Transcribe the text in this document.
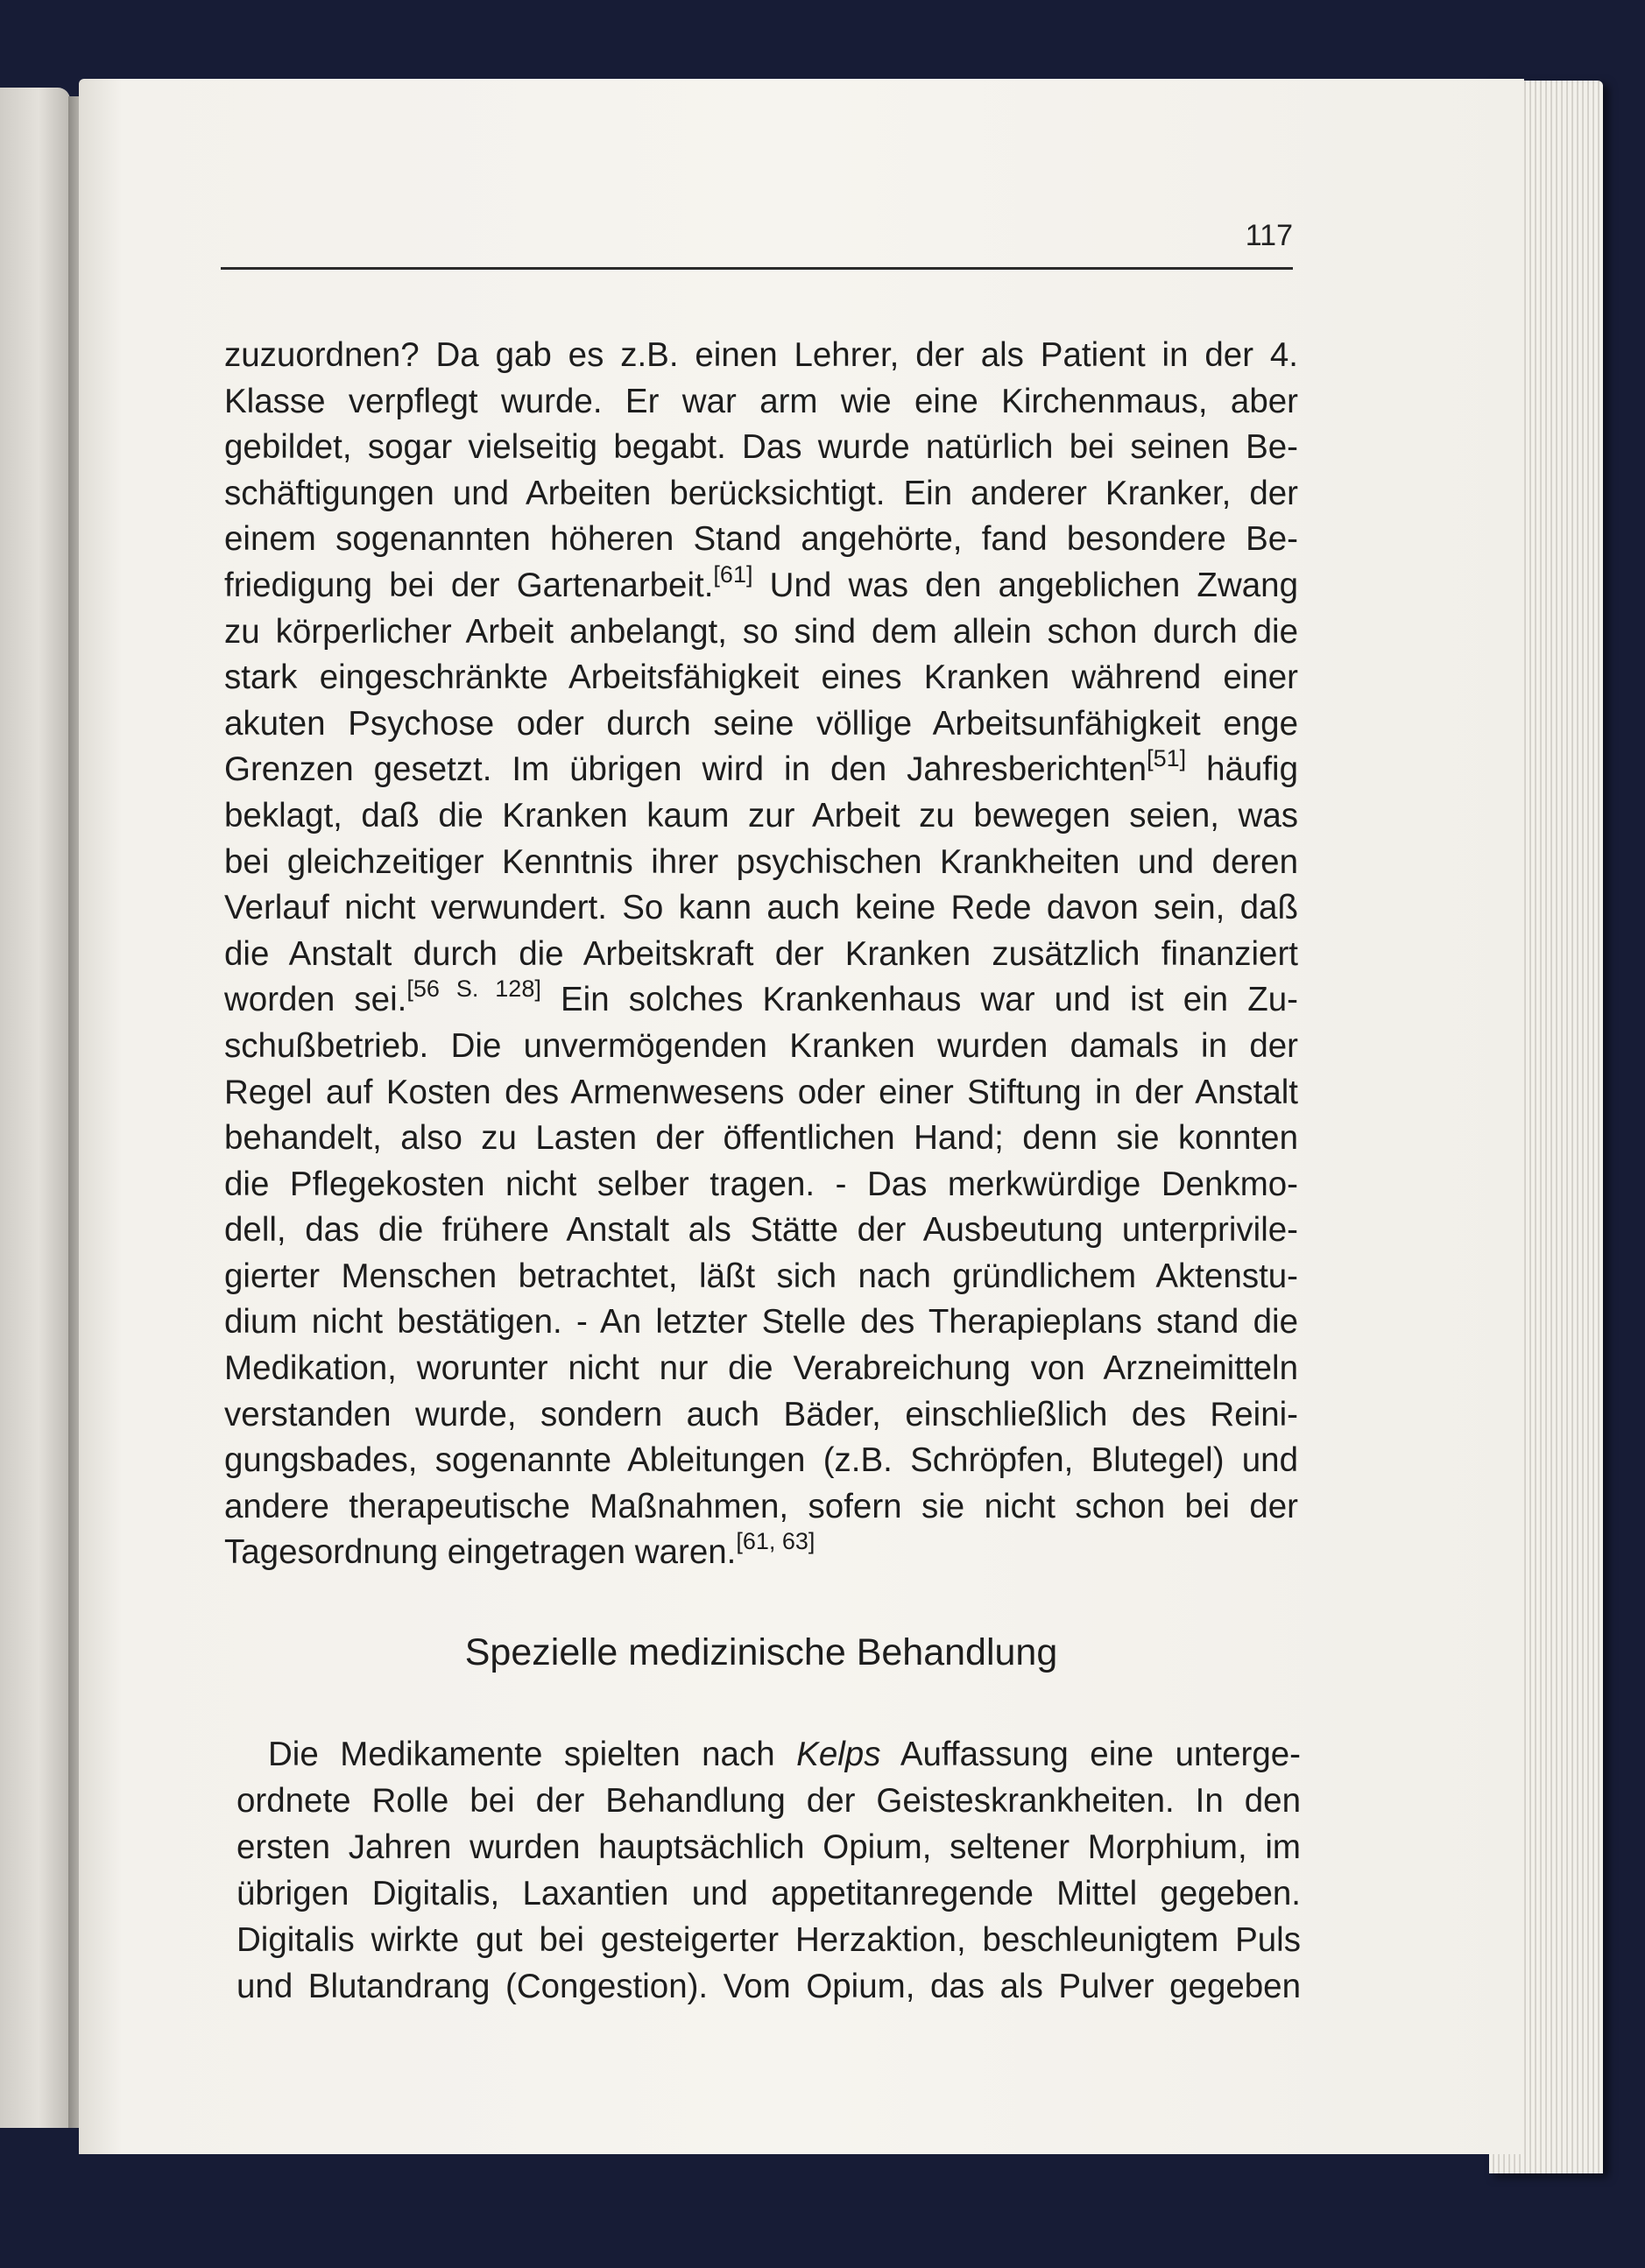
117
zuzuordnen? Da gab es z.B. einen Lehrer, der als Patient in der 4.
Klasse verpflegt wurde. Er war arm wie eine Kirchenmaus, aber
gebildet, sogar vielseitig begabt. Das wurde natürlich bei seinen Be-
schäftigungen und Arbeiten berücksichtigt. Ein anderer Kranker, der
einem sogenannten höheren Stand angehörte, fand besondere Be-
friedigung bei der Gartenarbeit.[61] Und was den angeblichen Zwang
zu körperlicher Arbeit anbelangt, so sind dem allein schon durch die
stark eingeschränkte Arbeitsfähigkeit eines Kranken während einer
akuten Psychose oder durch seine völlige Arbeitsunfähigkeit enge
Grenzen gesetzt. Im übrigen wird in den Jahresberichten[51] häufig
beklagt, daß die Kranken kaum zur Arbeit zu bewegen seien, was
bei gleichzeitiger Kenntnis ihrer psychischen Krankheiten und deren
Verlauf nicht verwundert. So kann auch keine Rede davon sein, daß
die Anstalt durch die Arbeitskraft der Kranken zusätzlich finanziert
worden sei.[56 S. 128] Ein solches Krankenhaus war und ist ein Zu-
schußbetrieb. Die unvermögenden Kranken wurden damals in der
Regel auf Kosten des Armenwesens oder einer Stiftung in der Anstalt
behandelt, also zu Lasten der öffentlichen Hand; denn sie konnten
die Pflegekosten nicht selber tragen. - Das merkwürdige Denkmo-
dell, das die frühere Anstalt als Stätte der Ausbeutung unterprivile-
gierter Menschen betrachtet, läßt sich nach gründlichem Aktenstu-
dium nicht bestätigen. - An letzter Stelle des Therapieplans stand die
Medikation, worunter nicht nur die Verabreichung von Arzneimitteln
verstanden wurde, sondern auch Bäder, einschließlich des Reini-
gungsbades, sogenannte Ableitungen (z.B. Schröpfen, Blutegel) und
andere therapeutische Maßnahmen, sofern sie nicht schon bei der
Tagesordnung eingetragen waren.[61, 63]
Spezielle medizinische Behandlung
Die Medikamente spielten nach Kelps Auffassung eine unterge-
ordnete Rolle bei der Behandlung der Geisteskrankheiten. In den
ersten Jahren wurden hauptsächlich Opium, seltener Morphium, im
übrigen Digitalis, Laxantien und appetitanregende Mittel gegeben.
Digitalis wirkte gut bei gesteigerter Herzaktion, beschleunigtem Puls
und Blutandrang (Congestion). Vom Opium, das als Pulver gegeben
